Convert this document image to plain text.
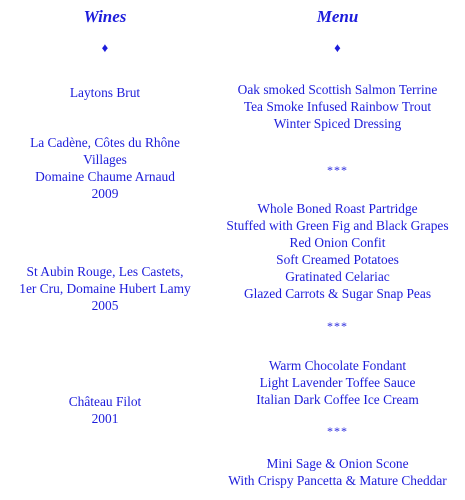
Wines
♦
Laytons Brut
La Cadène, Côtes du Rhône
Villages
Domaine Chaume Arnaud
2009
St Aubin Rouge, Les Castets,
1er Cru, Domaine Hubert Lamy
2005
Château Filot
2001
Menu
♦
Oak smoked Scottish Salmon Terrine
Tea Smoke Infused Rainbow Trout
Winter Spiced Dressing
***
Whole Boned Roast Partridge
Stuffed with Green Fig and Black Grapes
Red Onion Confit
Soft Creamed Potatoes
Gratinated Celariac
Glazed Carrots & Sugar Snap Peas
***
Warm Chocolate Fondant
Light Lavender Toffee Sauce
Italian Dark Coffee Ice Cream
***
Mini Sage & Onion Scone
With Crispy Pancetta & Mature Cheddar
